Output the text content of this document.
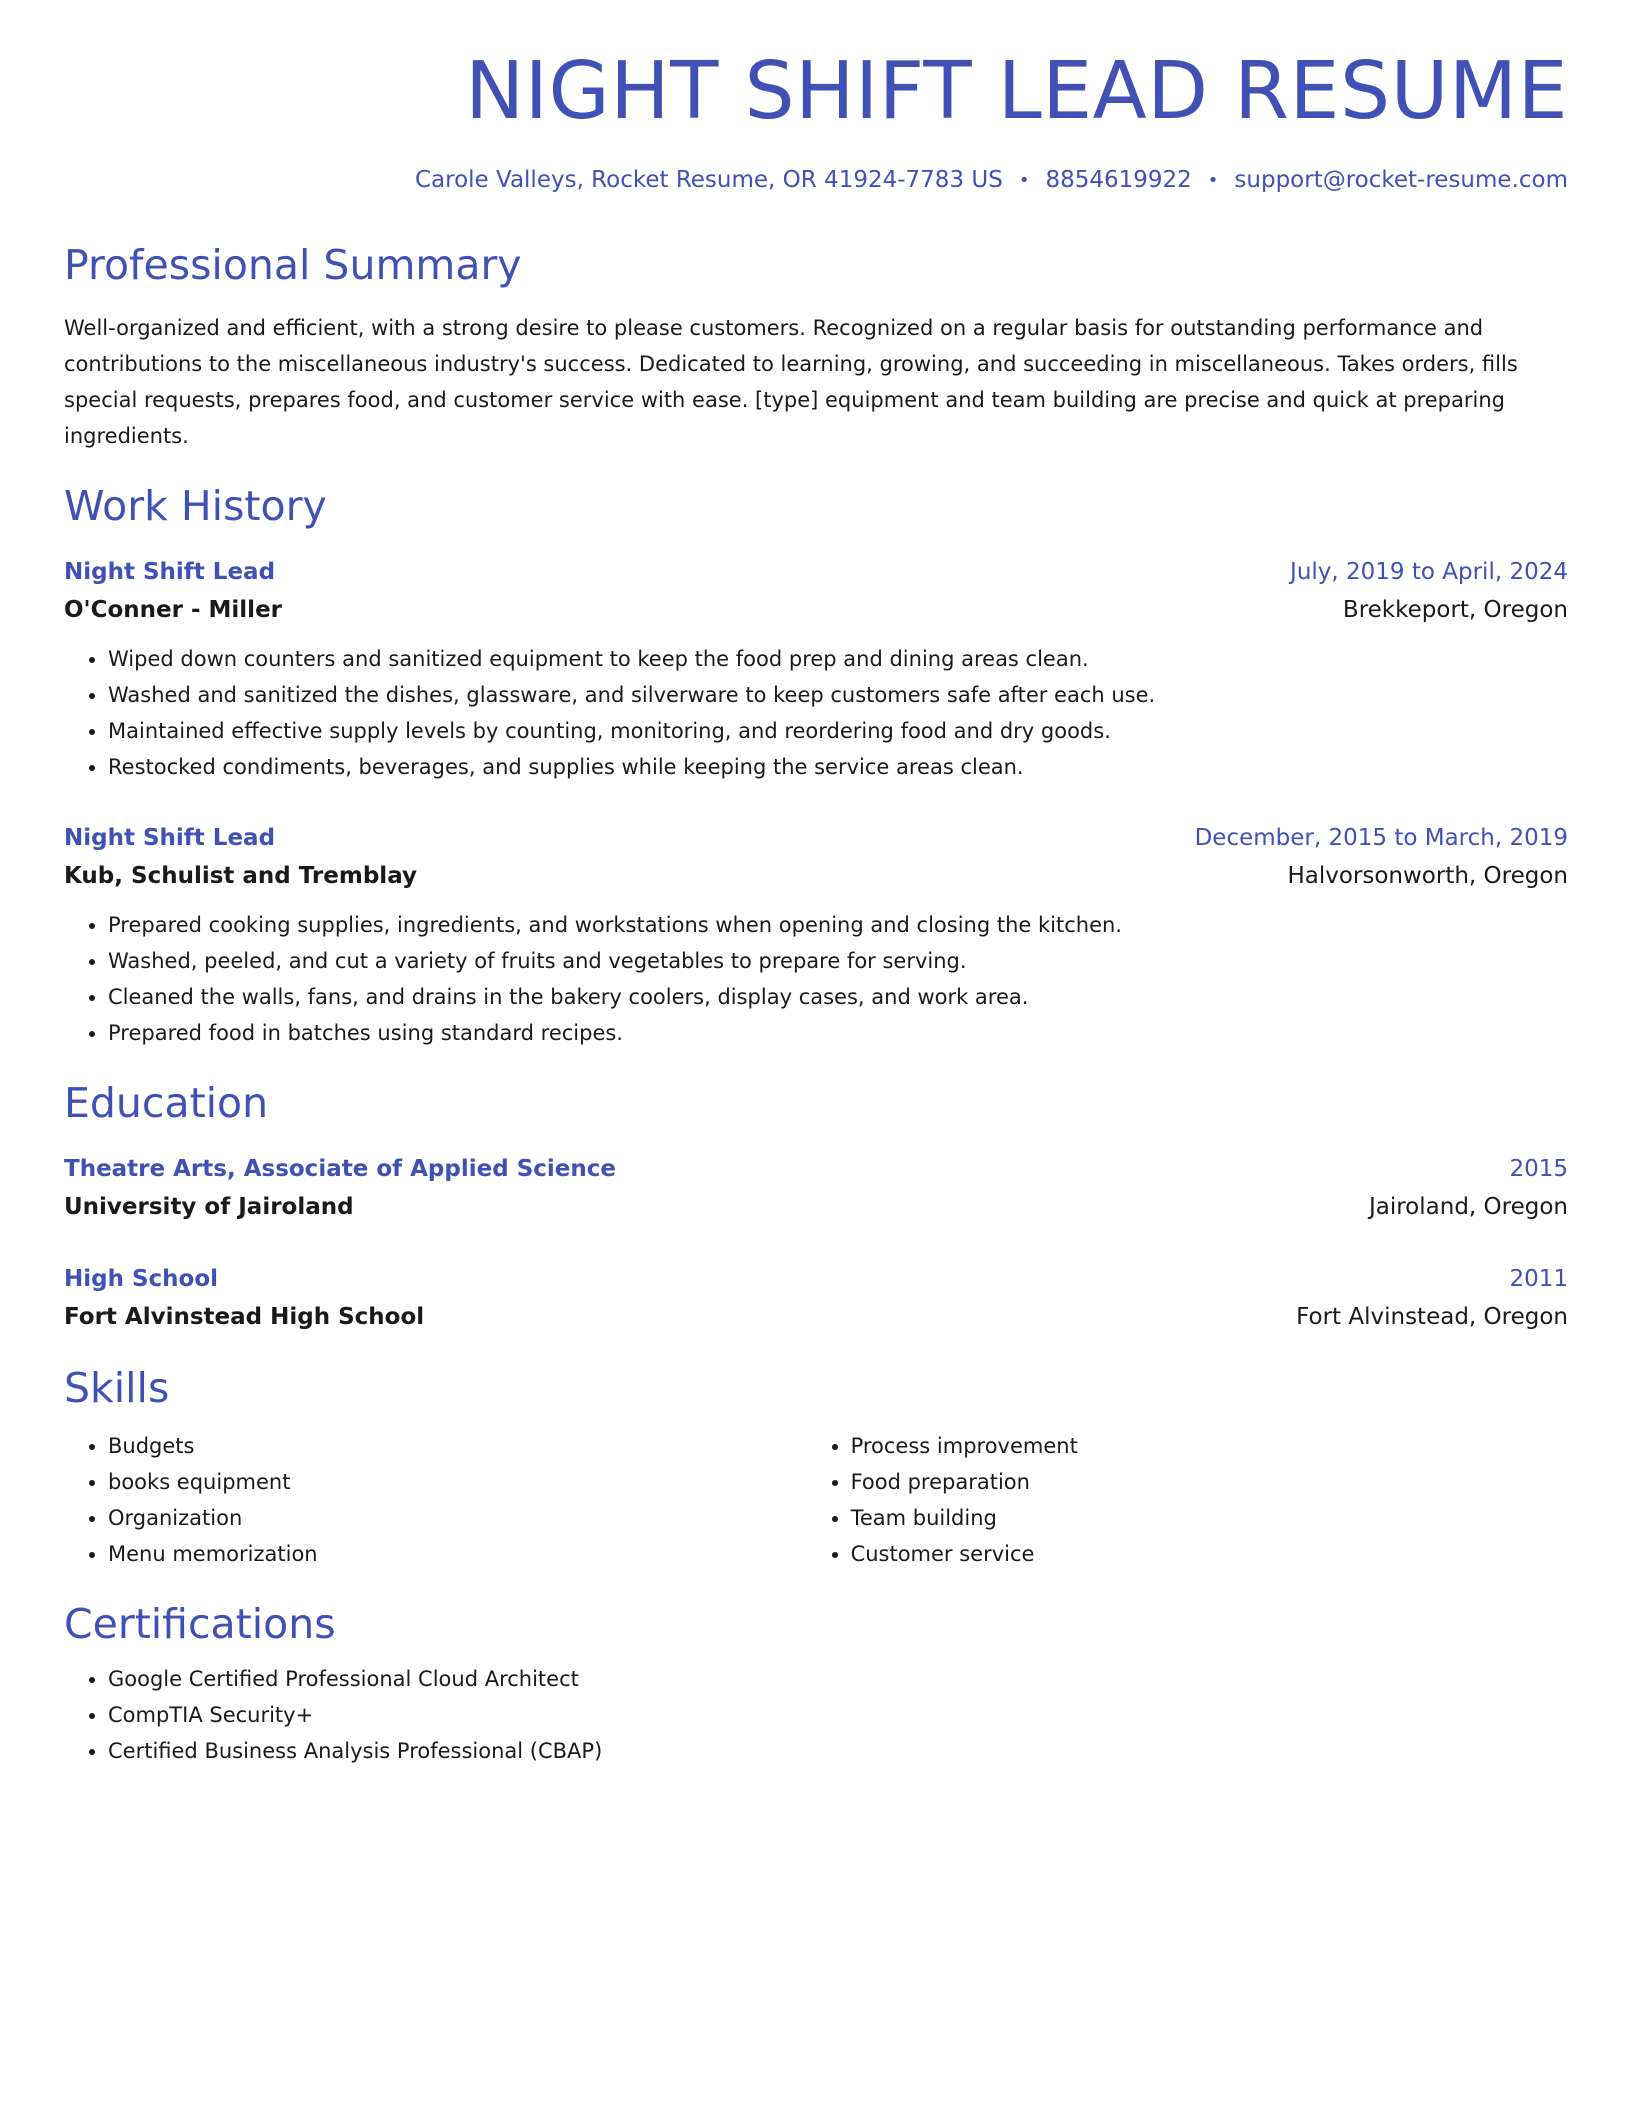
NIGHT SHIFT LEAD RESUME
Carole Valleys, Rocket Resume, OR 41924-7783 US • 8854619922 • support@rocket-resume.com
Professional Summary

Well-organized and efficient, with a strong desire to please customers. Recognized on a regular basis for outstanding performance and contributions to the miscellaneous industry's success. Dedicated to learning, growing, and succeeding in miscellaneous. Takes orders, fills special requests, prepares food, and customer service with ease. [type] equipment and team building are precise and quick at preparing ingredients.

Work History
Night Shift Lead	July, 2019 to April, 2024
O'Conner - Miller	Brekkeport, Oregon
• Wiped down counters and sanitized equipment to keep the food prep and dining areas clean.
• Washed and sanitized the dishes, glassware, and silverware to keep customers safe after each use.
• Maintained effective supply levels by counting, monitoring, and reordering food and dry goods.
• Restocked condiments, beverages, and supplies while keeping the service areas clean.
Night Shift Lead	December, 2015 to March, 2019
Kub, Schulist and Tremblay	Halvorsonworth, Oregon
• Prepared cooking supplies, ingredients, and workstations when opening and closing the kitchen.
• Washed, peeled, and cut a variety of fruits and vegetables to prepare for serving.
• Cleaned the walls, fans, and drains in the bakery coolers, display cases, and work area.
• Prepared food in batches using standard recipes.
Education
Theatre Arts, Associate of Applied Science	2015
University of Jairoland	Jairoland, Oregon
High School	2011
Fort Alvinstead High School	Fort Alvinstead, Oregon
Skills
• Budgets
• books equipment
• Organization
• Menu memorization
• Process improvement
• Food preparation
• Team building
• Customer service
Certifications
• Google Certified Professional Cloud Architect
• CompTIA Security+
• Certified Business Analysis Professional (CBAP)
